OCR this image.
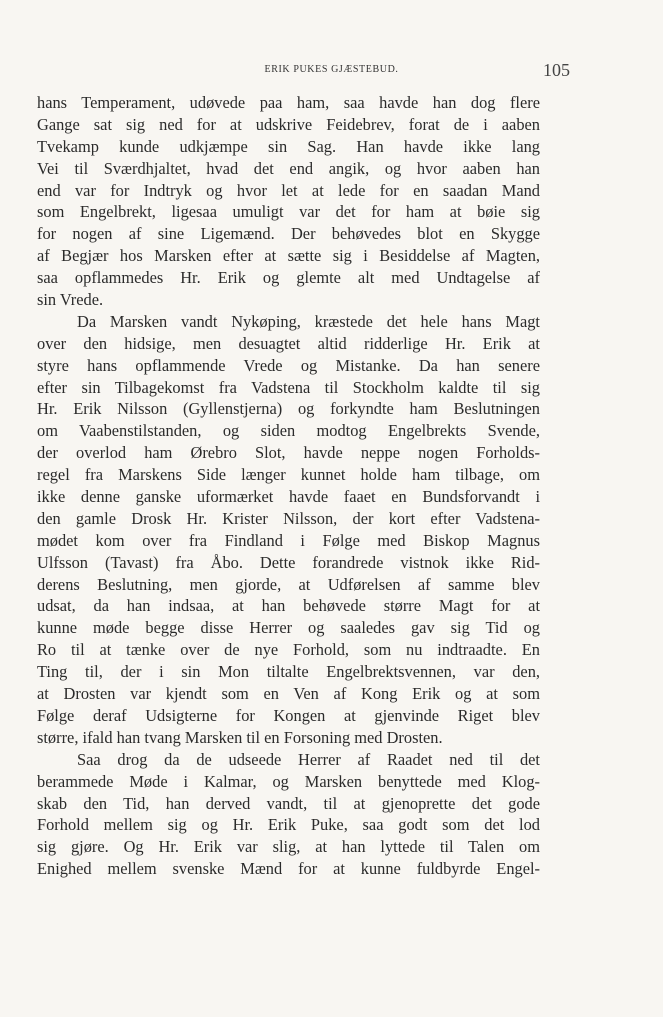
ERIK PUKES GJÆSTEBUD.	105
hans Temperament, udøvede paa ham, saa havde han dog flere
Gange sat sig ned for at udskrive Feidebrev, forat de i aaben
Tvekamp kunde udkjæmpe sin Sag. Han havde ikke lang
Vei til Sværdhjaltet, hvad det end angik, og hvor aaben han
end var for Indtryk og hvor let at lede for en saadan Mand
som Engelbrekt, ligesaa umuligt var det for ham at bøie sig
for nogen af sine Ligemænd. Der behøvedes blot en Skygge
af Begjær hos Marsken efter at sætte sig i Besiddelse af Magten,
saa opflammedes Hr. Erik og glemte alt med Undtagelse af
sin Vrede.
Da Marsken vandt Nykøping, kræstede det hele hans Magt
over den hidsige, men desuagtet altid ridderlige Hr. Erik at
styre hans opflammende Vrede og Mistanke. Da han senere
efter sin Tilbagekomst fra Vadstena til Stockholm kaldte til sig
Hr. Erik Nilsson (Gyllenstjerna) og forkyndte ham Beslutningen
om Vaabenstilstanden, og siden modtog Engelbrekts Svende,
der overlod ham Ørebro Slot, havde neppe nogen Forholds-
regel fra Marskens Side længer kunnet holde ham tilbage, om
ikke denne ganske uformærket havde faaet en Bundsforvandt i
den gamle Drosk Hr. Krister Nilsson, der kort efter Vadstena-
mødet kom over fra Findland i Følge med Biskop Magnus
Ulfsson (Tavast) fra Åbo. Dette forandrede vistnok ikke Rid-
derens Beslutning, men gjorde, at Udførelsen af samme blev
udsat, da han indsaa, at han behøvede større Magt for at
kunne møde begge disse Herrer og saaledes gav sig Tid og
Ro til at tænke over de nye Forhold, som nu indtraadte. En
Ting til, der i sin Mon tiltalte Engelbrektsvennen, var den,
at Drosten var kjendt som en Ven af Kong Erik og at som
Følge deraf Udsigterne for Kongen at gjenvinde Riget blev
større, ifald han tvang Marsken til en Forsoning med Drosten.
Saa drog da de udseede Herrer af Raadet ned til det
berammede Møde i Kalmar, og Marsken benyttede med Klog-
skab den Tid, han derved vandt, til at gjenoprette det gode
Forhold mellem sig og Hr. Erik Puke, saa godt som det lod
sig gjøre. Og Hr. Erik var slig, at han lyttede til Talen om
Enighed mellem svenske Mænd for at kunne fuldbyrde Engel-
